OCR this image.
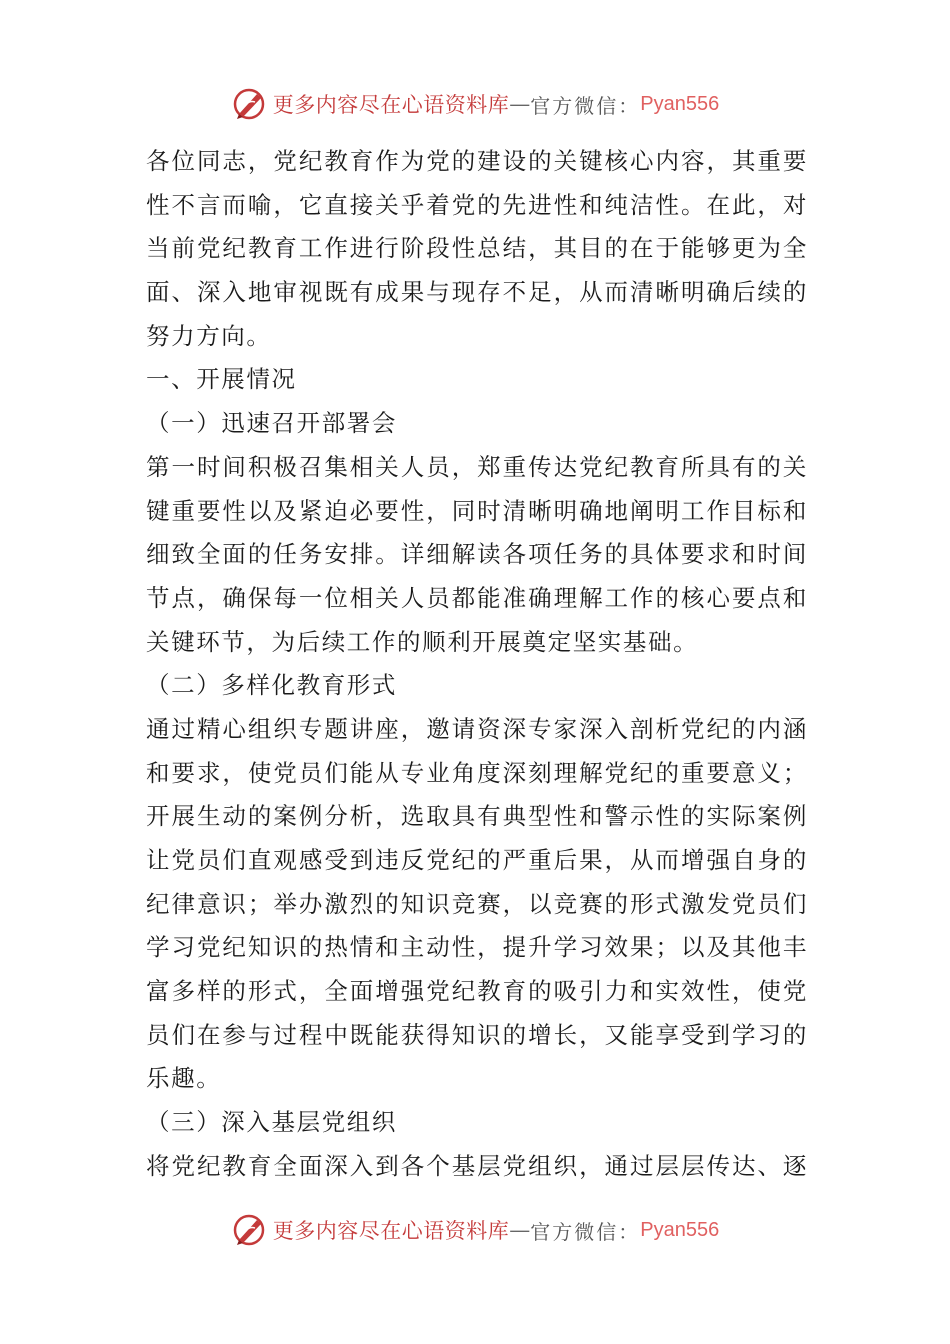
更多内容尽在心语资料库 — 官方微信： Pyan556
各位同志，党纪教育作为党的建设的关键核心内容，其重要
性不言而喻，它直接关乎着党的先进性和纯洁性。在此，对
当前党纪教育工作进行阶段性总结，其目的在于能够更为全
面、深入地审视既有成果与现存不足，从而清晰明确后续的
努力方向。
一、开展情况
（一）迅速召开部署会
第一时间积极召集相关人员，郑重传达党纪教育所具有的关
键重要性以及紧迫必要性，同时清晰明确地阐明工作目标和
细致全面的任务安排。详细解读各项任务的具体要求和时间
节点，确保每一位相关人员都能准确理解工作的核心要点和
关键环节，为后续工作的顺利开展奠定坚实基础。
（二）多样化教育形式
通过精心组织专题讲座，邀请资深专家深入剖析党纪的内涵
和要求，使党员们能从专业角度深刻理解党纪的重要意义；
开展生动的案例分析，选取具有典型性和警示性的实际案例
让党员们直观感受到违反党纪的严重后果，从而增强自身的
纪律意识；举办激烈的知识竞赛，以竞赛的形式激发党员们
学习党纪知识的热情和主动性，提升学习效果；以及其他丰
富多样的形式，全面增强党纪教育的吸引力和实效性，使党
员们在参与过程中既能获得知识的增长，又能享受到学习的
乐趣。
（三）深入基层党组织
将党纪教育全面深入到各个基层党组织，通过层层传达、逐
更多内容尽在心语资料库 — 官方微信： Pyan556
